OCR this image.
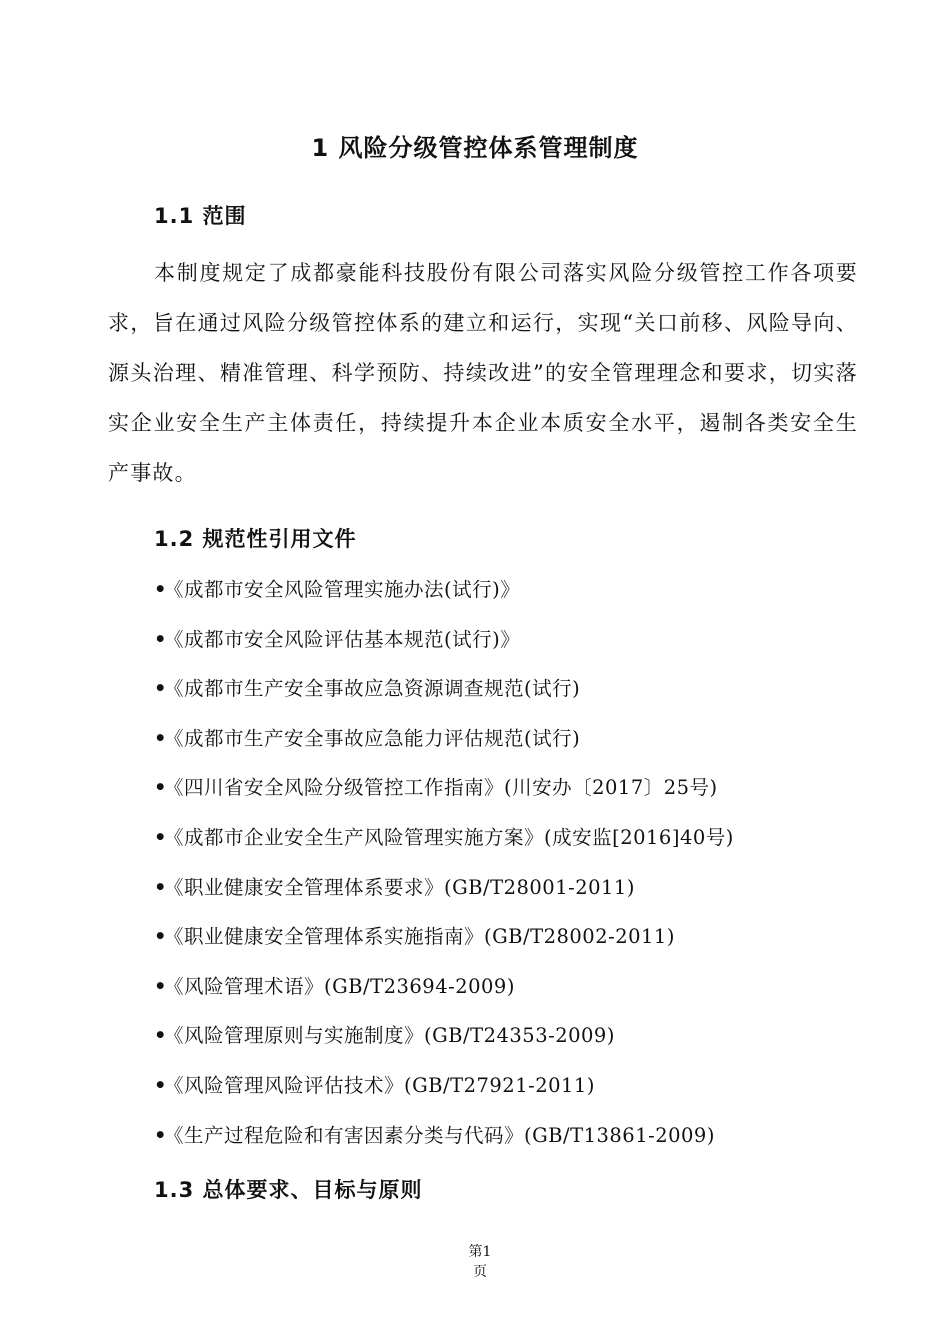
1 风险分级管控体系管理制度
1.1 范围
本制度规定了成都豪能科技股份有限公司落实风险分级管控工作各项要求，旨在通过风险分级管控体系的建立和运行，实现“关口前移、风险导向、源头治理、精准管理、科学预防、持续改进”的安全管理理念和要求，切实落实企业安全生产主体责任，持续提升本企业本质安全水平，遏制各类安全生产事故。
1.2 规范性引用文件
•《成都市安全风险管理实施办法(试行)》
•《成都市安全风险评估基本规范(试行)》
•《成都市生产安全事故应急资源调查规范(试行)
•《成都市生产安全事故应急能力评估规范(试行)
•《四川省安全风险分级管控工作指南》(川安办〔2017〕25号)
•《成都市企业安全生产风险管理实施方案》(成安监[2016]40号)
•《职业健康安全管理体系要求》(GB/T28001-2011)
•《职业健康安全管理体系实施指南》(GB/T28002-2011)
•《风险管理术语》(GB/T23694-2009)
•《风险管理原则与实施制度》(GB/T24353-2009)
•《风险管理风险评估技术》(GB/T27921-2011)
•《生产过程危险和有害因素分类与代码》(GB/T13861-2009)
1.3 总体要求、目标与原则
第1
页
